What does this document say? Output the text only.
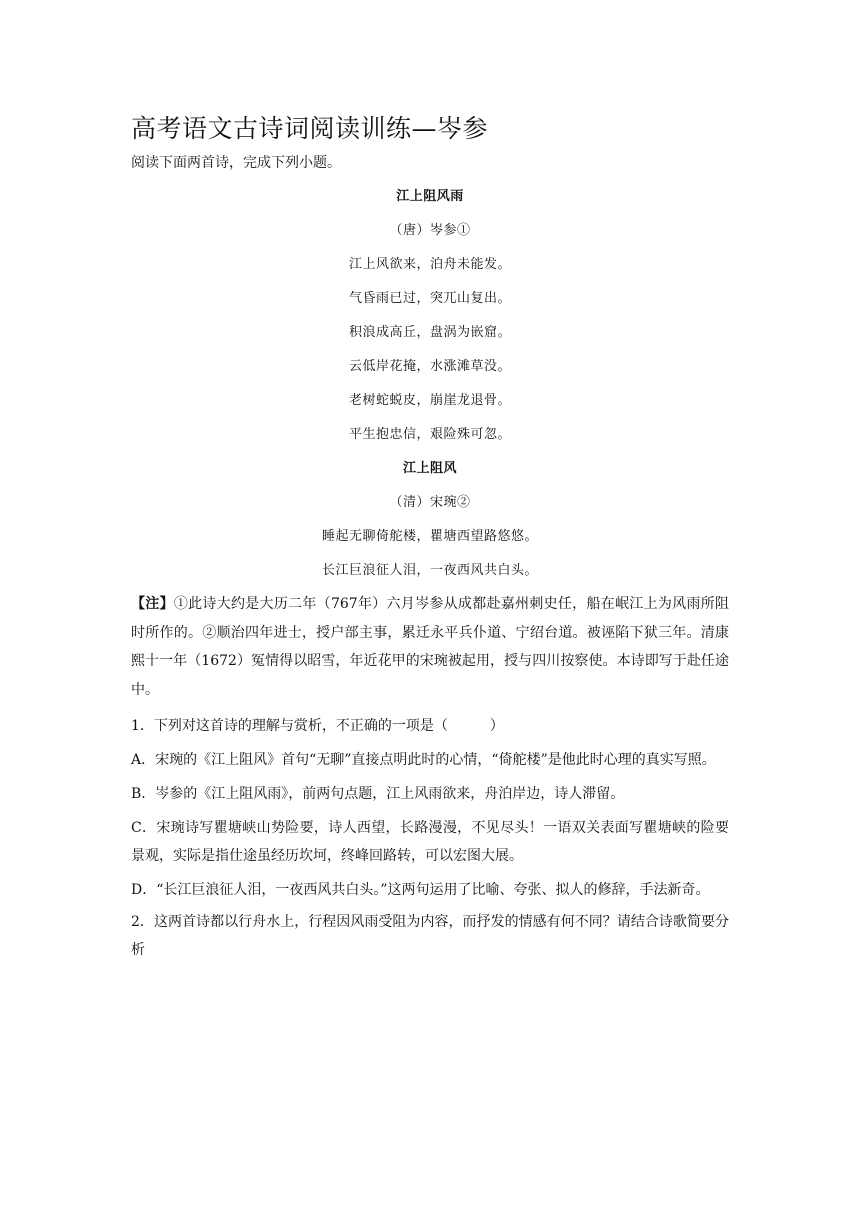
高考语文古诗词阅读训练—岑参
阅读下面两首诗，完成下列小题。
江上阻风雨
（唐）岑参①
江上风欲来，泊舟未能发。
气昏雨已过，突兀山复出。
积浪成高丘，盘涡为嵌窟。
云低岸花掩，水涨滩草没。
老树蛇蜕皮，崩崖龙退骨。
平生抱忠信，艰险殊可忽。
江上阻风
（清）宋琬②
睡起无聊倚舵楼，瞿塘西望路悠悠。
长江巨浪征人泪，一夜西风共白头。
【注】①此诗大约是大历二年（767年）六月岑参从成都赴嘉州刺史任，船在岷江上为风雨所阻时所作的。②顺治四年进士，授户部主事，累迁永平兵仆道、宁绍台道。被诬陷下狱三年。清康熙十一年（1672）冤情得以昭雪，年近花甲的宋琬被起用，授与四川按察使。本诗即写于赴任途中。
1．下列对这首诗的理解与赏析，不正确的一项是（　　　）
A．宋琬的《江上阻风》首句“无聊”直接点明此时的心情，“倚舵楼”是他此时心理的真实写照。
B．岑参的《江上阻风雨》，前两句点题，江上风雨欲来，舟泊岸边，诗人滞留。
C．宋琬诗写瞿塘峡山势险要，诗人西望，长路漫漫，不见尽头！一语双关表面写瞿塘峡的险要景观，实际是指仕途虽经历坎坷，终峰回路转，可以宏图大展。
D．“长江巨浪征人泪，一夜西风共白头。”这两句运用了比喻、夸张、拟人的修辞，手法新奇。
2．这两首诗都以行舟水上，行程因风雨受阻为内容，而抒发的情感有何不同？请结合诗歌简要分析
